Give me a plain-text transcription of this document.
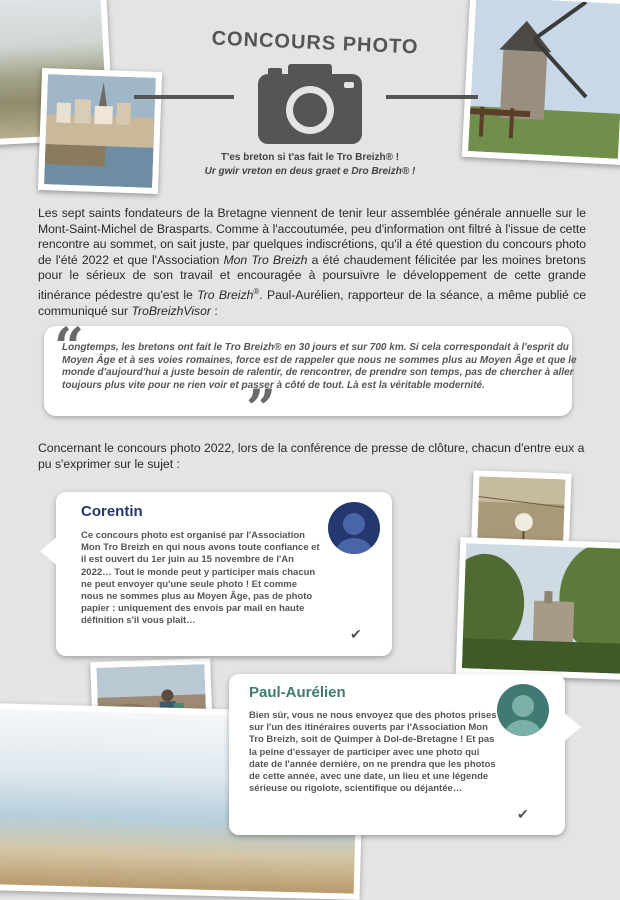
CONCOURS PHOTO
T'es breton si t'as fait le Tro Breizh® !
Ur gwir vreton en deus graet e Dro Breizh® !
Les sept saints fondateurs de la Bretagne viennent de tenir leur assemblée générale annuelle sur le Mont-Saint-Michel de Brasparts. Comme à l'accoutumée, peu d'information ont filtré à l'issue de cette rencontre au sommet, on sait juste, par quelques indiscrétions, qu'il a été question du concours photo de l'été 2022 et que l'Association Mon Tro Breizh a été chaudement félicitée par les moines bretons pour le sérieux de son travail et encouragée à poursuivre le développement de cette grande itinérance pédestre qu'est le Tro Breizh®. Paul-Aurélien, rapporteur de la séance, a même publié ce communiqué sur TroBreizhVisor :
“
Longtemps, les bretons ont fait le Tro Breizh® en 30 jours et sur 700 km. Si cela correspondait à l'esprit du Moyen Âge et à ses voies romaines, force est de rappeler que nous ne sommes plus au Moyen Âge et que le monde d'aujourd'hui a juste besoin de ralentir, de rencontrer, de prendre son temps, pas de chercher à aller toujours plus vite pour ne rien voir et passer à côté de tout. Là est la véritable modernité.
”
Concernant le concours photo 2022, lors de la conférence de presse de clôture, chacun d'entre eux a pu s'exprimer sur le sujet :
Corentin
Ce concours photo est organisé par l'Association Mon Tro Breizh en qui nous avons toute confiance et il est ouvert du 1er juin au 15 novembre de l'An 2022… Tout le monde peut y participer mais chacun ne peut envoyer qu'une seule photo ! Et comme nous ne sommes plus au Moyen Âge, pas de photo papier : uniquement des envois par mail en haute définition s'il vous plaît…
✔
Paul-Aurélien
Bien sûr, vous ne nous envoyez que des photos prises sur l'un des itinéraires ouverts par l'Association Mon Tro Breizh, soit de Quimper à Dol-de-Bretagne ! Et pas la peine d'essayer de participer avec une photo qui date de l'année dernière, on ne prendra que les photos de cette année, avec une date, un lieu et une légende sérieuse ou rigolote, scientifique ou déjantée…
✔
